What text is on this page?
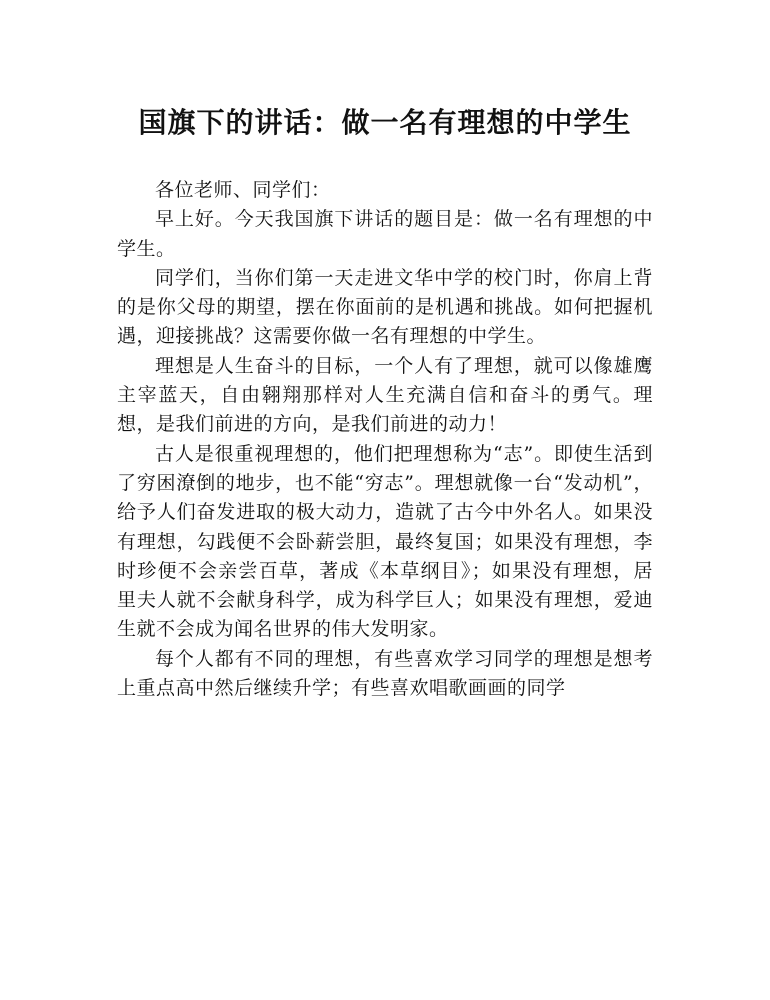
国旗下的讲话：做一名有理想的中学生

各位老师、同学们：

早上好。今天我国旗下讲话的题目是：做一名有理想的中学生。

同学们，当你们第一天走进文华中学的校门时，你肩上背的是你父母的期望，摆在你面前的是机遇和挑战。如何把握机遇，迎接挑战？这需要你做一名有理想的中学生。

理想是人生奋斗的目标，一个人有了理想，就可以像雄鹰主宰蓝天，自由翱翔那样对人生充满自信和奋斗的勇气。理想，是我们前进的方向，是我们前进的动力！

古人是很重视理想的，他们把理想称为“志”。即使生活到了穷困潦倒的地步，也不能“穷志”。理想就像一台“发动机”，给予人们奋发进取的极大动力，造就了古今中外名人。如果没有理想，勾践便不会卧薪尝胆，最终复国；如果没有理想，李时珍便不会亲尝百草，著成《本草纲目》；如果没有理想，居里夫人就不会献身科学，成为科学巨人；如果没有理想，爱迪生就不会成为闻名世界的伟大发明家。

每个人都有不同的理想，有些喜欢学习同学的理想是想考上重点高中然后继续升学；有些喜欢唱歌画画的同学
